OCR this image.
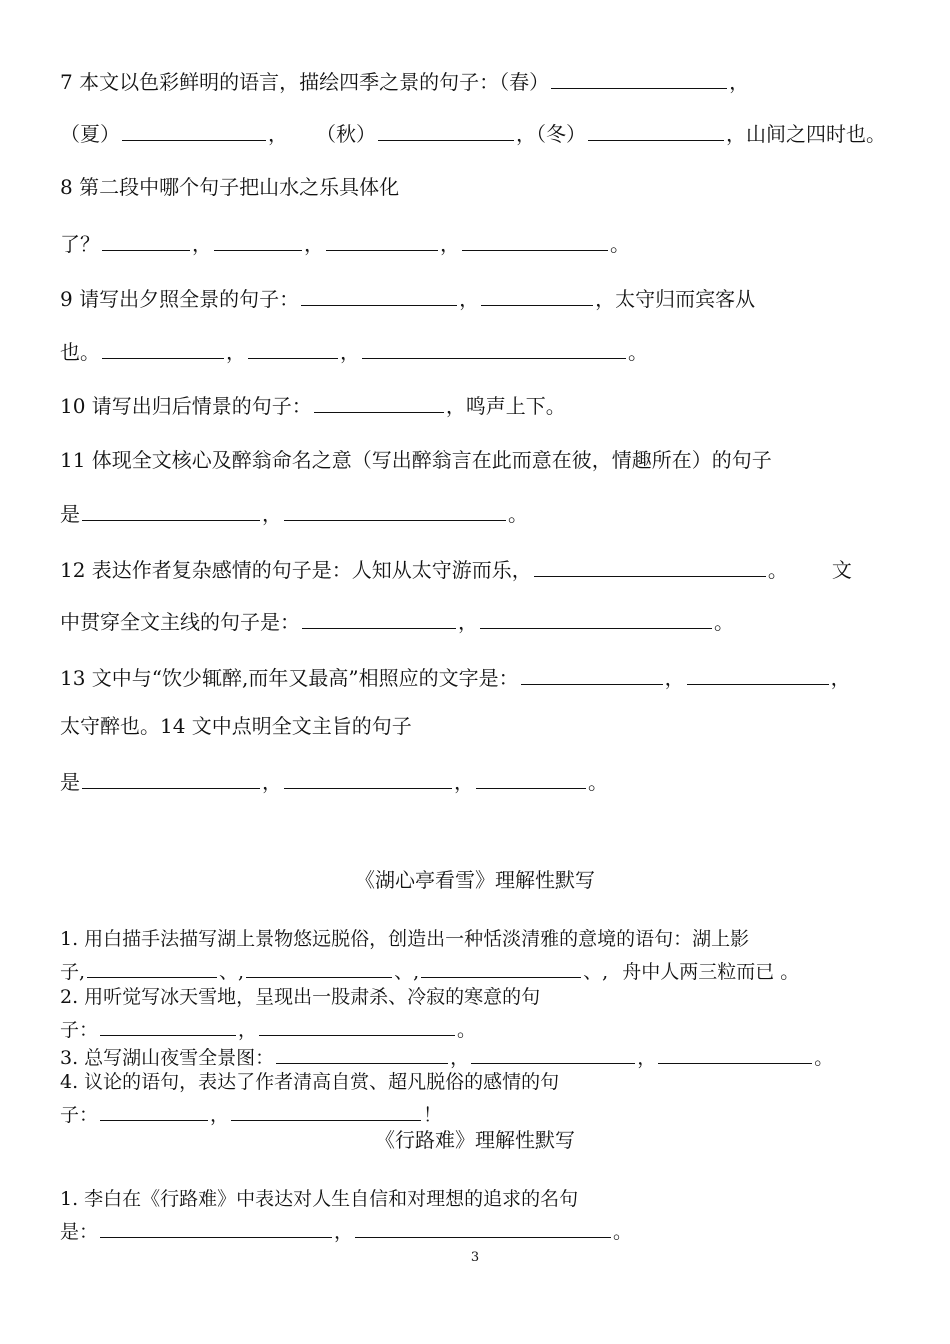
7 本文以色彩鲜明的语言，描绘四季之景的句子：（春）	，
（夏）	， （秋）	，（冬）	，山间之四时也。
8 第二段中哪个句子把山水之乐具体化
了？	，	，	，	。
9 请写出夕照全景的句子：	，	，太守归而宾客从
也。	，	，	。
10 请写出归后情景的句子：	，鸣声上下。
11 体现全文核心及醉翁命名之意（写出醉翁言在此而意在彼，情趣所在）的句子
是	，	。
12 表达作者复杂感情的句子是：人知从太守游而乐，	。 文
中贯穿全文主线的句子是：	，	。
13 文中与“饮少辄醉,而年又最高”相照应的文字是：	，	，
太守醉也。14 文中点明全文主旨的句子
是	，	，	。
《湖心亭看雪》理解性默写
1. 用白描手法描写湖上景物悠远脱俗，创造出一种恬淡清雅的意境的语句：湖上影
子,	、,	、,	、, 舟中人两三粒而已 。
2. 用听觉写冰天雪地，呈现出一股肃杀、冷寂的寒意的句
子：	，	。
3. 总写湖山夜雪全景图：	，	，	。
4. 议论的语句，表达了作者清高自赏、超凡脱俗的感情的句
子：	，	！
《行路难》理解性默写
1. 李白在《行路难》中表达对人生自信和对理想的追求的名句
是：	，	。
3
